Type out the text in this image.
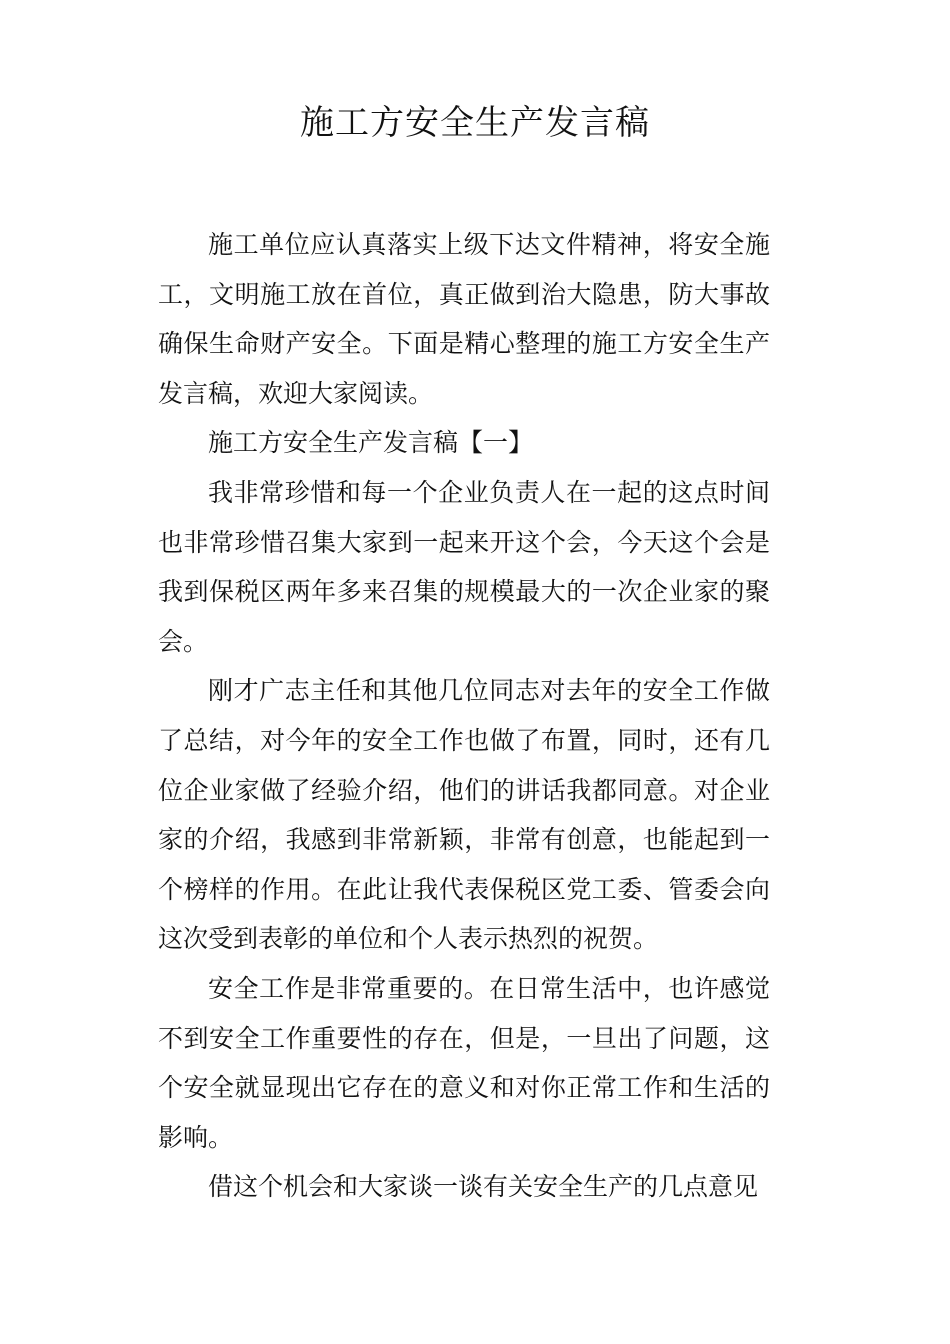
施工方安全生产发言稿

施工单位应认真落实上级下达文件精神，将安全施工，文明施工放在首位，真正做到治大隐患，防大事故确保生命财产安全。下面是精心整理的施工方安全生产发言稿，欢迎大家阅读。

施工方安全生产发言稿【一】

我非常珍惜和每一个企业负责人在一起的这点时间也非常珍惜召集大家到一起来开这个会，今天这个会是我到保税区两年多来召集的规模最大的一次企业家的聚会。

刚才广志主任和其他几位同志对去年的安全工作做了总结，对今年的安全工作也做了布置，同时，还有几位企业家做了经验介绍，他们的讲话我都同意。对企业家的介绍，我感到非常新颖，非常有创意，也能起到一个榜样的作用。在此让我代表保税区党工委、管委会向这次受到表彰的单位和个人表示热烈的祝贺。

安全工作是非常重要的。在日常生活中，也许感觉不到安全工作重要性的存在，但是，一旦出了问题，这个安全就显现出它存在的意义和对你正常工作和生活的影响。

借这个机会和大家谈一谈有关安全生产的几点意见
